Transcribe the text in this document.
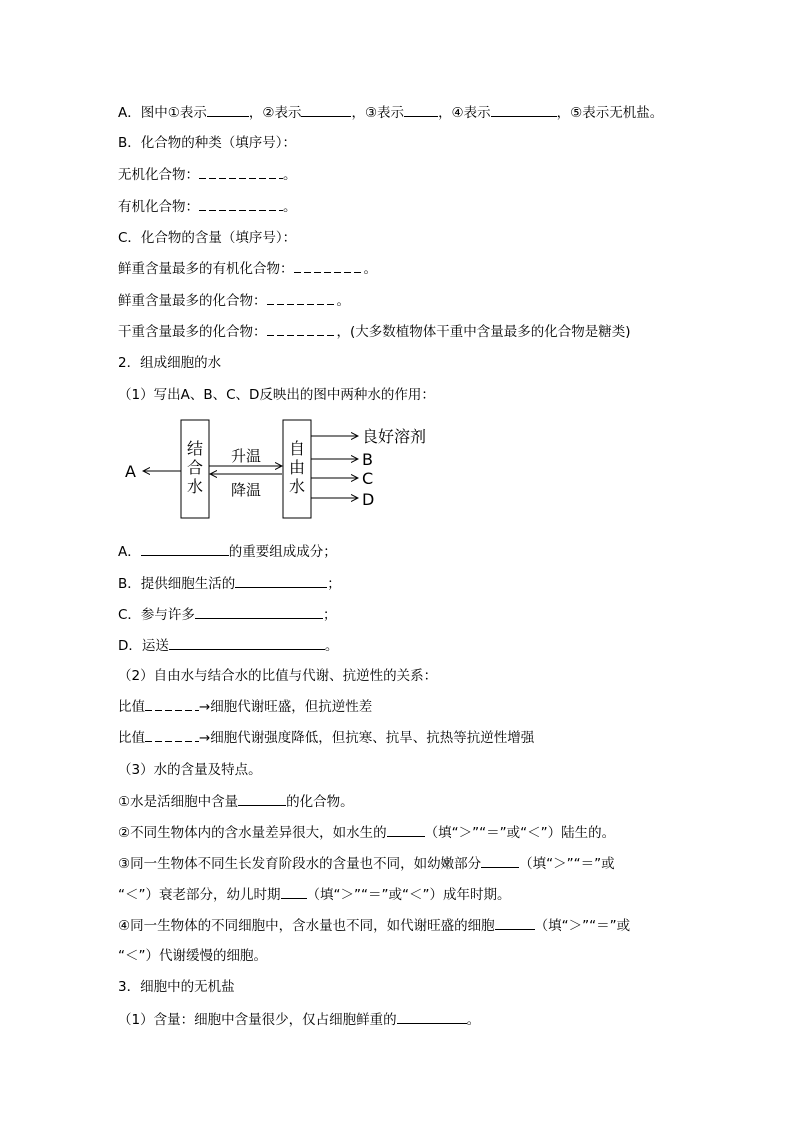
A．图中①表示	，②表示	，③表示	，④表示	，⑤表示无机盐。
B．化合物的种类（填序号）：
无机化合物：	。
有机化合物：	。
C．化合物的含量（填序号）：
鲜重含量最多的有机化合物：	。
鲜重含量最多的化合物：	。
干重含量最多的化合物：	，(大多数植物体干重中含量最多的化合物是糖类)
2．组成细胞的水
（1）写出A、B、C、D反映出的图中两种水的作用：
结
合
水
自
由
水
升温
降温
A
良好溶剂
B
C
D
A．	的重要组成成分；
B．提供细胞生活的	；
C．参与许多	；
D．运送	。
（2）自由水与结合水的比值与代谢、抗逆性的关系：
比值	→细胞代谢旺盛，但抗逆性差
比值	→细胞代谢强度降低，但抗寒、抗旱、抗热等抗逆性增强
（3）水的含量及特点。
①水是活细胞中含量	的化合物。
②不同生物体内的含水量差异很大，如水生的	（填“＞”“＝”或“＜”）陆生的。
③同一生物体不同生长发育阶段水的含量也不同，如幼嫩部分	（填“＞”“＝”或
“＜”）衰老部分，幼儿时期 （填“＞”“＝”或“＜”）成年时期。
④同一生物体的不同细胞中，含水量也不同，如代谢旺盛的细胞	（填“＞”“＝”或
“＜”）代谢缓慢的细胞。
3．细胞中的无机盐
（1）含量：细胞中含量很少，仅占细胞鲜重的	。
